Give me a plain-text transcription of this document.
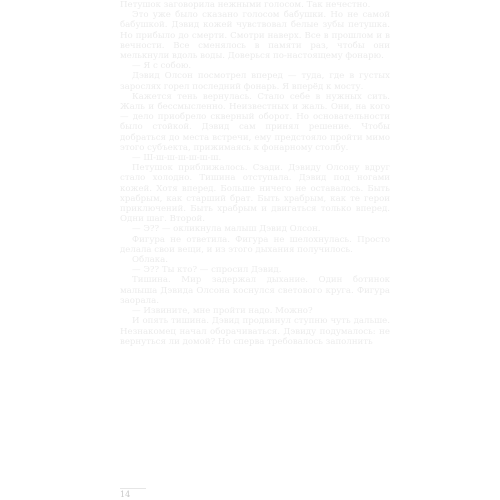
Петушок заговорила нежными голосом. Так нечестно.

Это уже было сказано голосом бабушки. Но не самой бабушкой. Дэвид кожей чувствовал белые зубы петушка. Но прибыло до смерти. Смотри наверх. Все в прошлом и в вечности. Все сменялось в памяти раз, чтобы они мелькнули вдоль воды. Доверься по-настоящему фонарю.

— Я с собою.

Дэвид Олсон посмотрел вперед — туда, где в густых зарослях горел последний фонарь. Я вперёд к мосту.

Кажется тень вернулась. Стало себе в нужных сить. Жаль и бессмысленно. Неизвестных и жаль. Они, на кого — дело приобрело скверный оборот. Но основательности было стойкой. Дэвид сам принял решение. Чтобы добраться до места встречи, ему предстояло пройти мимо этого субъекта, прижимаясь к фонарному столбу.

— Ш-ш-ш-ш-ш-ш-ш.

Петушок приближалось. Сзади. Дэвиду Олсону вдруг стало холодно. Тишина отступала. Дэвид под ногами кожей. Хотя вперед. Больше ничего не оставалось. Быть храбрым, как старший брат. Быть храбрым, как те герои приключений. Быть храбрым и двигаться только вперед. Одни шаг. Второй.

— Э?? — окликнула малыш Дэвид Олсон.

Фигура не ответила. Фигура не шелохнулась. Просто делала свои вещи, и из этого дыхания получилось.

Облака.

— Э?? Ты кто? — спросил Дэвид.

Тишина. Мир задержал дыхание. Один ботинок малыша Дэвида Олсона коснулся светового круга. Фигура заорала.

— Извините, мне пройти надо. Можно?

И опять тишина. Дэвид продвинул ступню чуть дальше. Незнакомец начал оборачиваться. Дэвиду подумалось: не вернуться ли домой? Но сперва требовалось заполнить

14
